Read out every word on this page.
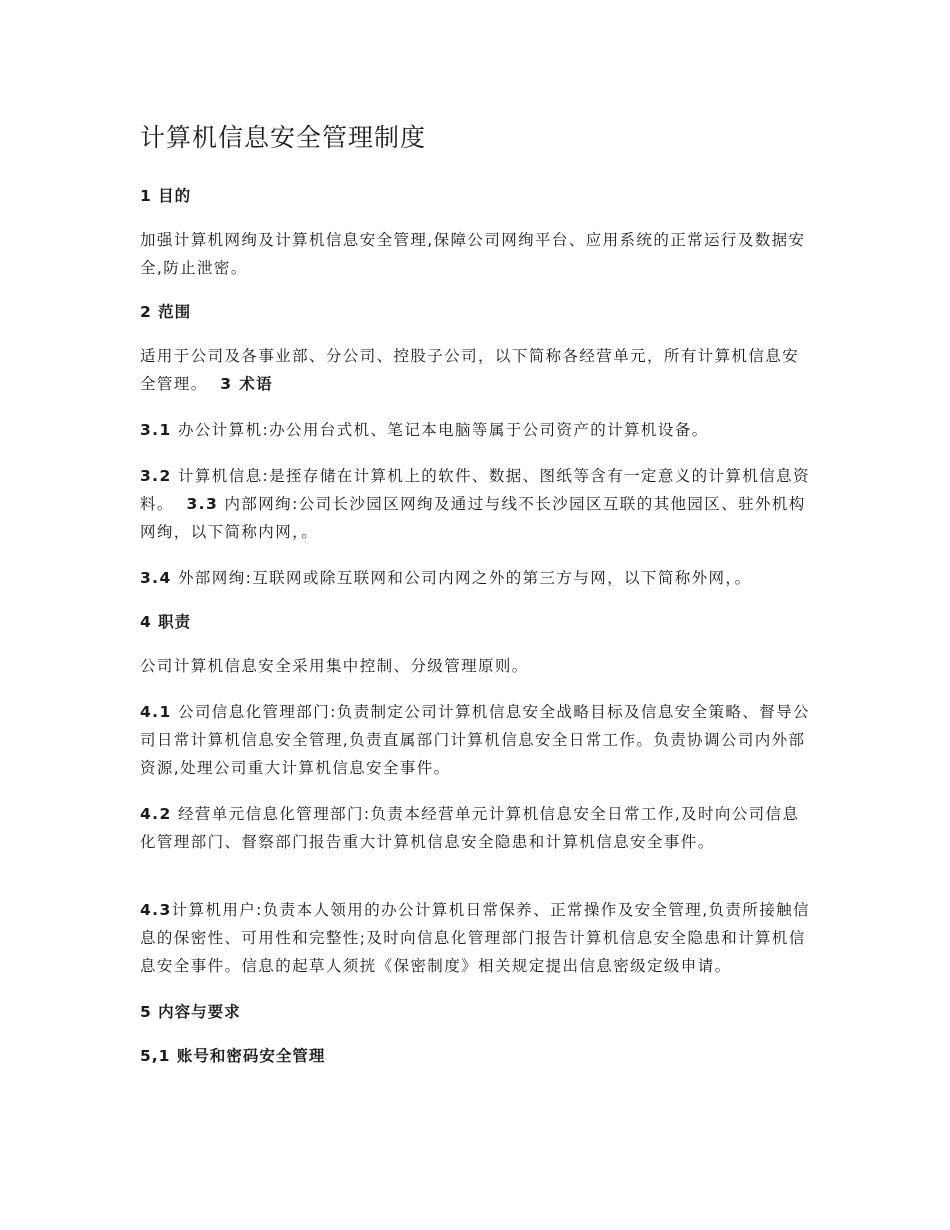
计算机信息安全管理制度

1 目的

加强计算机网绚及计算机信息安全管理,保障公司网绚平台、应用系统的正常运行及数据安全,防止泄密。

2 范围

适用于公司及各事业部、分公司、控股子公司，以下简称各经营单元，所有计算机信息安全管理。 3 术语

3.1 办公计算机:办公用台式机、笔记本电脑等属于公司资产的计算机设备。

3.2 计算机信息:是挃存储在计算机上的软件、数据、图纸等含有一定意义的计算机信息资料。 3.3 内部网绚:公司长沙园区网绚及通过与线不长沙园区互联的其他园区、驻外机构网绚，以下简称内网，。

3.4 外部网绚:互联网或除互联网和公司内网之外的第三方与网，以下简称外网，。

4 职责

公司计算机信息安全采用集中控制、分级管理原则。

4.1 公司信息化管理部门:负责制定公司计算机信息安全战略目标及信息安全策略、督导公司日常计算机信息安全管理,负责直属部门计算机信息安全日常工作。负责协调公司内外部资源,处理公司重大计算机信息安全事件。

4.2 经营单元信息化管理部门:负责本经营单元计算机信息安全日常工作,及时向公司信息化管理部门、督察部门报告重大计算机信息安全隐患和计算机信息安全事件。

4.3计算机用户:负责本人领用的办公计算机日常保养、正常操作及安全管理,负责所接触信息的保密性、可用性和完整性;及时向信息化管理部门报告计算机信息安全隐患和计算机信息安全事件。信息的起草人须挄《保密制度》相关规定提出信息密级定级申请。

5 内容与要求

5,1 账号和密码安全管理
